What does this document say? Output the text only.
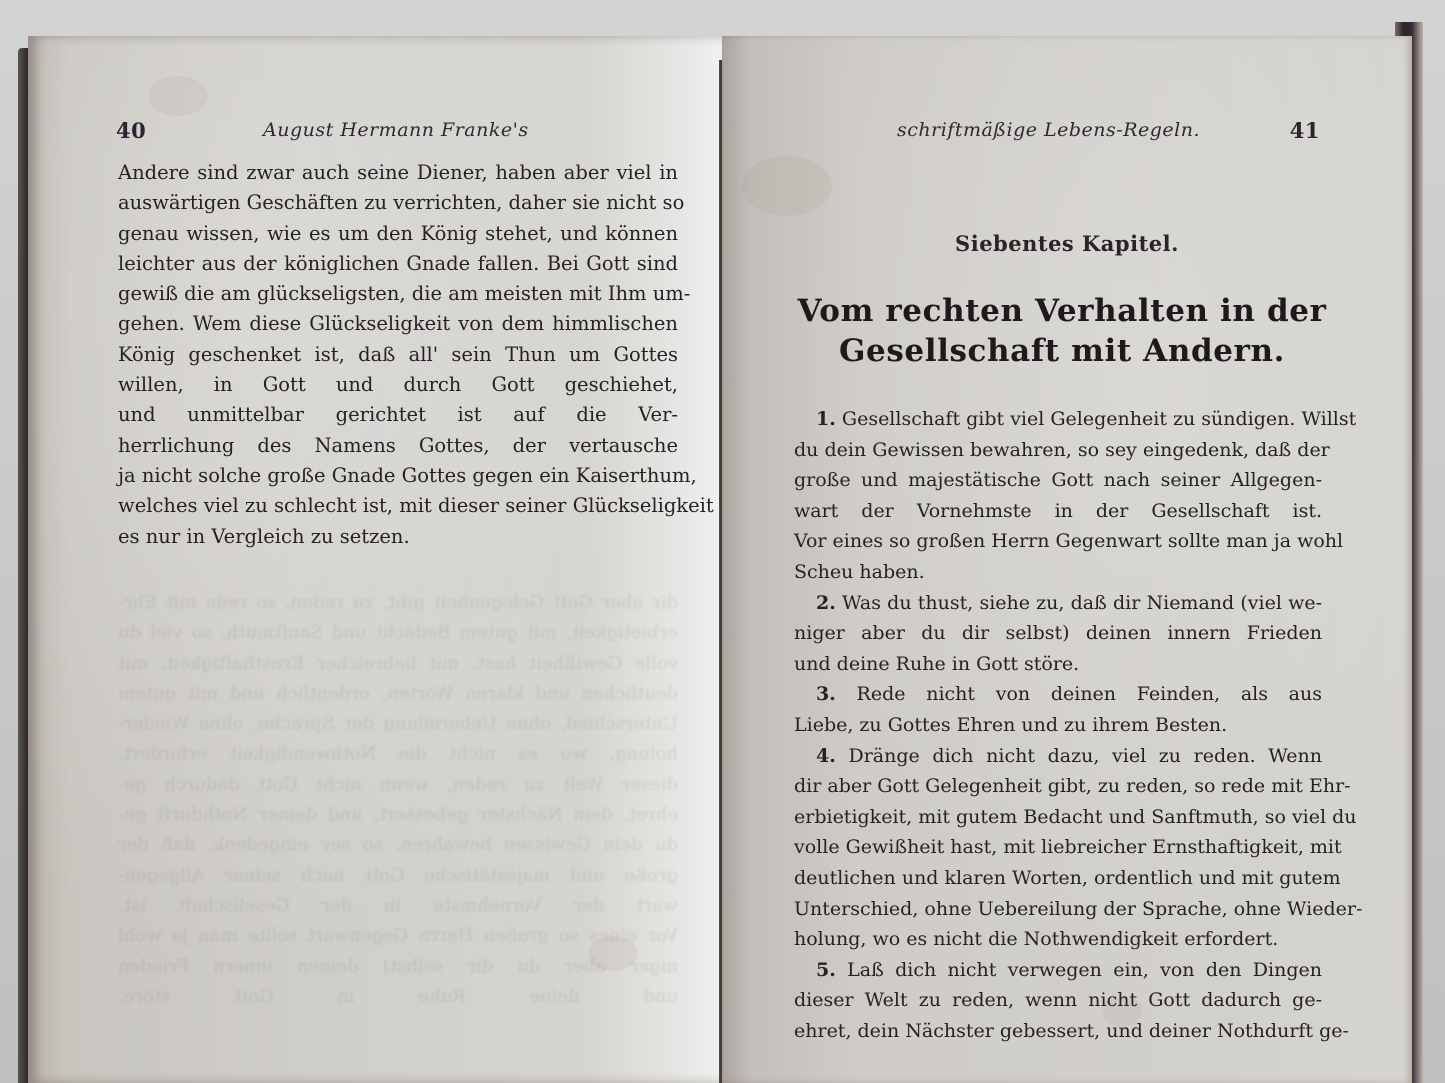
40	August Hermann Franke's
Andere sind zwar auch seine Diener, haben aber viel in
auswärtigen Geschäften zu verrichten, daher sie nicht so
genau wissen, wie es um den König stehet, und können
leichter aus der königlichen Gnade fallen. Bei Gott sind
gewiß die am glückseligsten, die am meisten mit Ihm um-
gehen. Wem diese Glückseligkeit von dem himmlischen
König geschenket ist, daß all' sein Thun um Gottes
willen, in Gott und durch Gott geschiehet,
und unmittelbar gerichtet ist auf die Ver-
herrlichung des Namens Gottes, der vertausche
ja nicht solche große Gnade Gottes gegen ein Kaiserthum,
welches viel zu schlecht ist, mit dieser seiner Glückseligkeit
es nur in Vergleich zu setzen.
dir aber Gott Gelegenheit gibt, zu reden, so rede mit Ehr-
erbietigkeit, mit gutem Bedacht und Sanftmuth, so viel du
volle Gewißheit hast, mit liebreicher Ernsthaftigkeit, mit
deutlichen und klaren Worten, ordentlich und mit gutem
Unterschied, ohne Uebereilung der Sprache, ohne Wieder-
holung, wo es nicht die Nothwendigkeit erfordert.
dieser Welt zu reden, wenn nicht Gott dadurch ge-
ehret, dein Nächster gebessert, und deiner Nothdurft ge-
du dein Gewissen bewahren, so sey eingedenk, daß der
große und majestätische Gott nach seiner Allgegen-
wart der Vornehmste in der Gesellschaft ist.
Vor eines so großen Herrn Gegenwart sollte man ja wohl
niger aber du dir selbst) deinen innern Frieden
und deine Ruhe in Gott störe.
schriftmäßige Lebens-Regeln.	41
Siebentes Kapitel.
Vom rechten Verhalten in der
Gesellschaft mit Andern.
1. Gesellschaft gibt viel Gelegenheit zu sündigen. Willst
du dein Gewissen bewahren, so sey eingedenk, daß der
große und majestätische Gott nach seiner Allgegen-
wart der Vornehmste in der Gesellschaft ist.
Vor eines so großen Herrn Gegenwart sollte man ja wohl
Scheu haben.
2. Was du thust, siehe zu, daß dir Niemand (viel we-
niger aber du dir selbst) deinen innern Frieden
und deine Ruhe in Gott störe.
3. Rede nicht von deinen Feinden, als aus
Liebe, zu Gottes Ehren und zu ihrem Besten.
4. Dränge dich nicht dazu, viel zu reden. Wenn
dir aber Gott Gelegenheit gibt, zu reden, so rede mit Ehr-
erbietigkeit, mit gutem Bedacht und Sanftmuth, so viel du
volle Gewißheit hast, mit liebreicher Ernsthaftigkeit, mit
deutlichen und klaren Worten, ordentlich und mit gutem
Unterschied, ohne Uebereilung der Sprache, ohne Wieder-
holung, wo es nicht die Nothwendigkeit erfordert.
5. Laß dich nicht verwegen ein, von den Dingen
dieser Welt zu reden, wenn nicht Gott dadurch ge-
ehret, dein Nächster gebessert, und deiner Nothdurft ge-
